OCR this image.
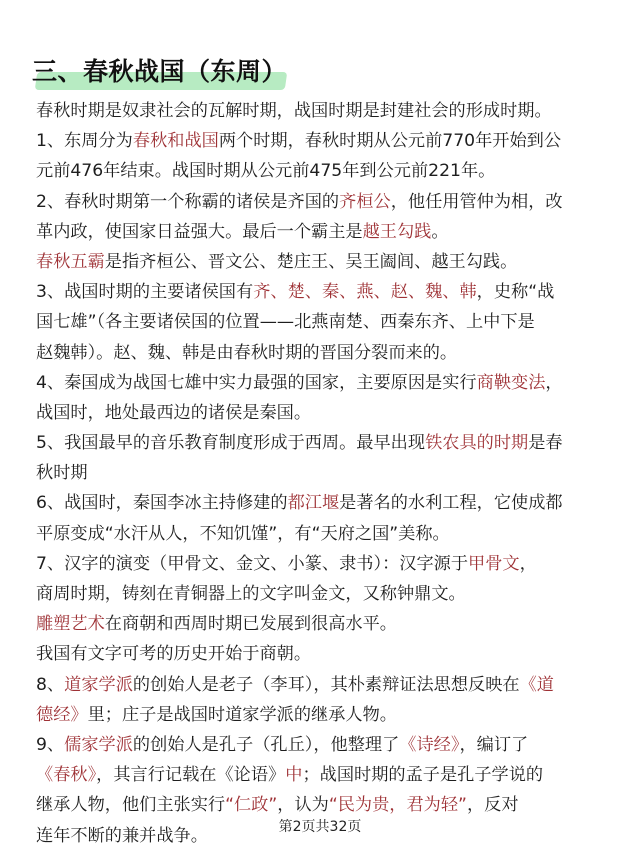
三、春秋战国（东周）
春秋时期是奴隶社会的瓦解时期，战国时期是封建社会的形成时期。
1、东周分为春秋和战国两个时期，春秋时期从公元前770年开始到公
元前476年结束。战国时期从公元前475年到公元前221年。
2、春秋时期第一个称霸的诸侯是齐国的齐桓公，他任用管仲为相，改
革内政，使国家日益强大。最后一个霸主是越王勾践。
春秋五霸是指齐桓公、晋文公、楚庄王、吴王阖闾、越王勾践。
3、战国时期的主要诸侯国有齐、楚、秦、燕、赵、魏、韩，史称“战
国七雄”（各主要诸侯国的位置——北燕南楚、西秦东齐、上中下是
赵魏韩）。赵、魏、韩是由春秋时期的晋国分裂而来的。
4、秦国成为战国七雄中实力最强的国家，主要原因是实行商鞅变法，
战国时，地处最西边的诸侯是秦国。
5、我国最早的音乐教育制度形成于西周。最早出现铁农具的时期是春
秋时期
6、战国时，秦国李冰主持修建的都江堰是著名的水利工程，它使成都
平原变成“水汗从人，不知饥馑”，有“天府之国”美称。
7、汉字的演变（甲骨文、金文、小篆、隶书）：汉字源于甲骨文，
商周时期，铸刻在青铜器上的文字叫金文，又称钟鼎文。
雕塑艺术在商朝和西周时期已发展到很高水平。
我国有文字可考的历史开始于商朝。
8、道家学派的创始人是老子（李耳），其朴素辩证法思想反映在《道
德经》里；庄子是战国时道家学派的继承人物。
9、儒家学派的创始人是孔子（孔丘），他整理了《诗经》，编订了
《春秋》，其言行记载在《论语》中；战国时期的孟子是孔子学说的
继承人物，他们主张实行“仁政”，认为“民为贵，君为轻”，反对
连年不断的兼并战争。	第2页共32页
